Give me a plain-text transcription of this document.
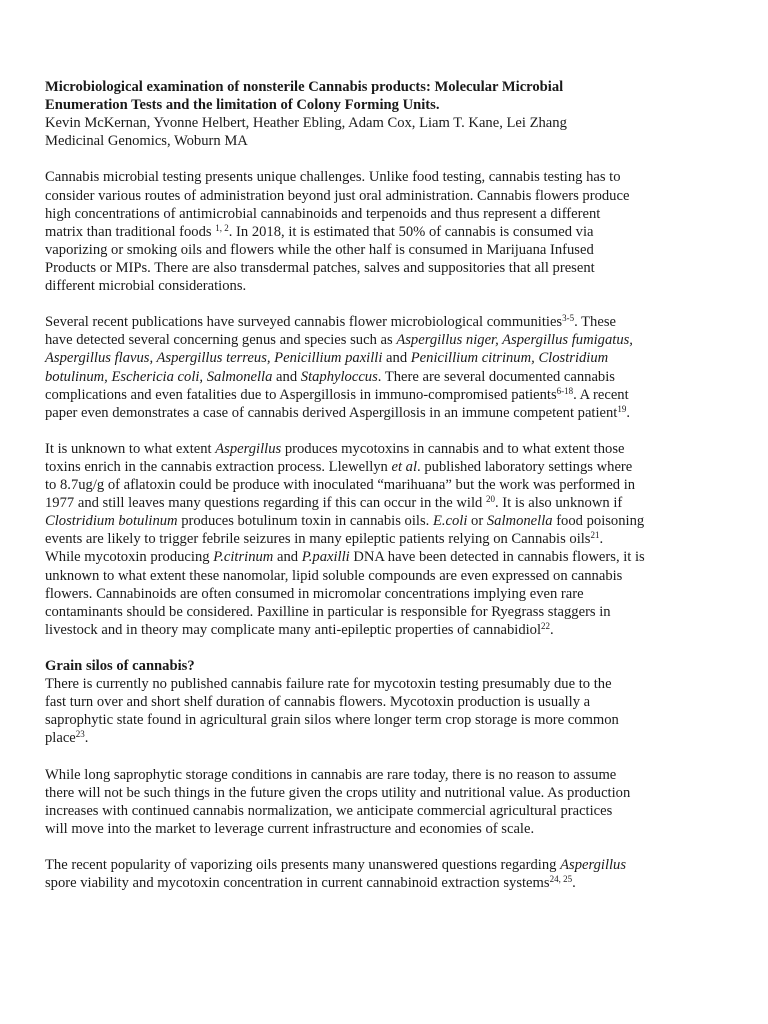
Microbiological examination of nonsterile Cannabis products: Molecular Microbial
Enumeration Tests and the limitation of Colony Forming Units.
Kevin McKernan, Yvonne Helbert, Heather Ebling, Adam Cox, Liam T. Kane, Lei Zhang
Medicinal Genomics, Woburn MA
Cannabis microbial testing presents unique challenges. Unlike food testing, cannabis testing has to
consider various routes of administration beyond just oral administration. Cannabis flowers produce
high concentrations of antimicrobial cannabinoids and terpenoids and thus represent a different
matrix than traditional foods $^{1, 2}$. In 2018, it is estimated that 50% of cannabis is consumed via
vaporizing or smoking oils and flowers while the other half is consumed in Marijuana Infused
Products or MIPs. There are also transdermal patches, salves and suppositories that all present
different microbial considerations.
Several recent publications have surveyed cannabis flower microbiological communities$^{3-5}$. These
have detected several concerning genus and species such as Aspergillus niger, Aspergillus fumigatus,
Aspergillus flavus, Aspergillus terreus, Penicillium paxilli and Penicillium citrinum, Clostridium
botulinum, Eschericia coli, Salmonella and Staphyloccus. There are several documented cannabis
complications and even fatalities due to Aspergillosis in immuno-compromised patients$^{6-18}$. A recent
paper even demonstrates a case of cannabis derived Aspergillosis in an immune competent patient$^{19}$.
It is unknown to what extent Aspergillus produces mycotoxins in cannabis and to what extent those
toxins enrich in the cannabis extraction process. Llewellyn et al. published laboratory settings where
to 8.7ug/g of aflatoxin could be produce with inoculated “marihuana” but the work was performed in
1977 and still leaves many questions regarding if this can occur in the wild $^{20}$. It is also unknown if
Clostridium botulinum produces botulinum toxin in cannabis oils. E.coli or Salmonella food poisoning
events are likely to trigger febrile seizures in many epileptic patients relying on Cannabis oils$^{21}$.
While mycotoxin producing P.citrinum and P.paxilli DNA have been detected in cannabis flowers, it is
unknown to what extent these nanomolar, lipid soluble compounds are even expressed on cannabis
flowers. Cannabinoids are often consumed in micromolar concentrations implying even rare
contaminants should be considered. Paxilline in particular is responsible for Ryegrass staggers in
livestock and in theory may complicate many anti-epileptic properties of cannabidiol$^{22}$.
Grain silos of cannabis?
There is currently no published cannabis failure rate for mycotoxin testing presumably due to the
fast turn over and short shelf duration of cannabis flowers. Mycotoxin production is usually a
saprophytic state found in agricultural grain silos where longer term crop storage is more common
place$^{23}$.
While long saprophytic storage conditions in cannabis are rare today, there is no reason to assume
there will not be such things in the future given the crops utility and nutritional value. As production
increases with continued cannabis normalization, we anticipate commercial agricultural practices
will move into the market to leverage current infrastructure and economies of scale.
The recent popularity of vaporizing oils presents many unanswered questions regarding Aspergillus
spore viability and mycotoxin concentration in current cannabinoid extraction systems$^{24, 25}$.
